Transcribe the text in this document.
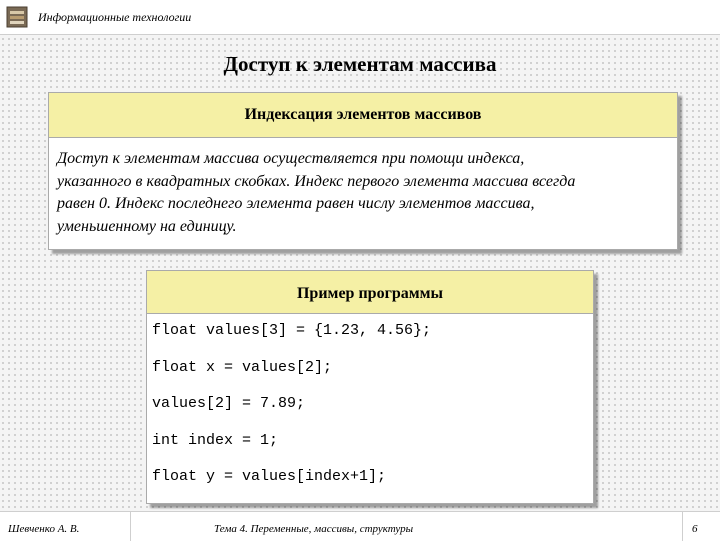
Информационные технологии
Доступ к элементам массива
Индексация элементов массивов
Доступ к элементам массива осуществляется при помощи индекса,
указанного в квадратных скобках. Индекс первого элемента массива всегда
равен 0. Индекс последнего элемента равен числу элементов массива,
уменьшенному на единицу.
Пример программы
float values[3] = {1.23, 4.56};
float x = values[2];
values[2] = 7.89;
int index = 1;
float y = values[index+1];
Шевченко А. В.	Тема 4. Переменные, массивы, структуры	6
